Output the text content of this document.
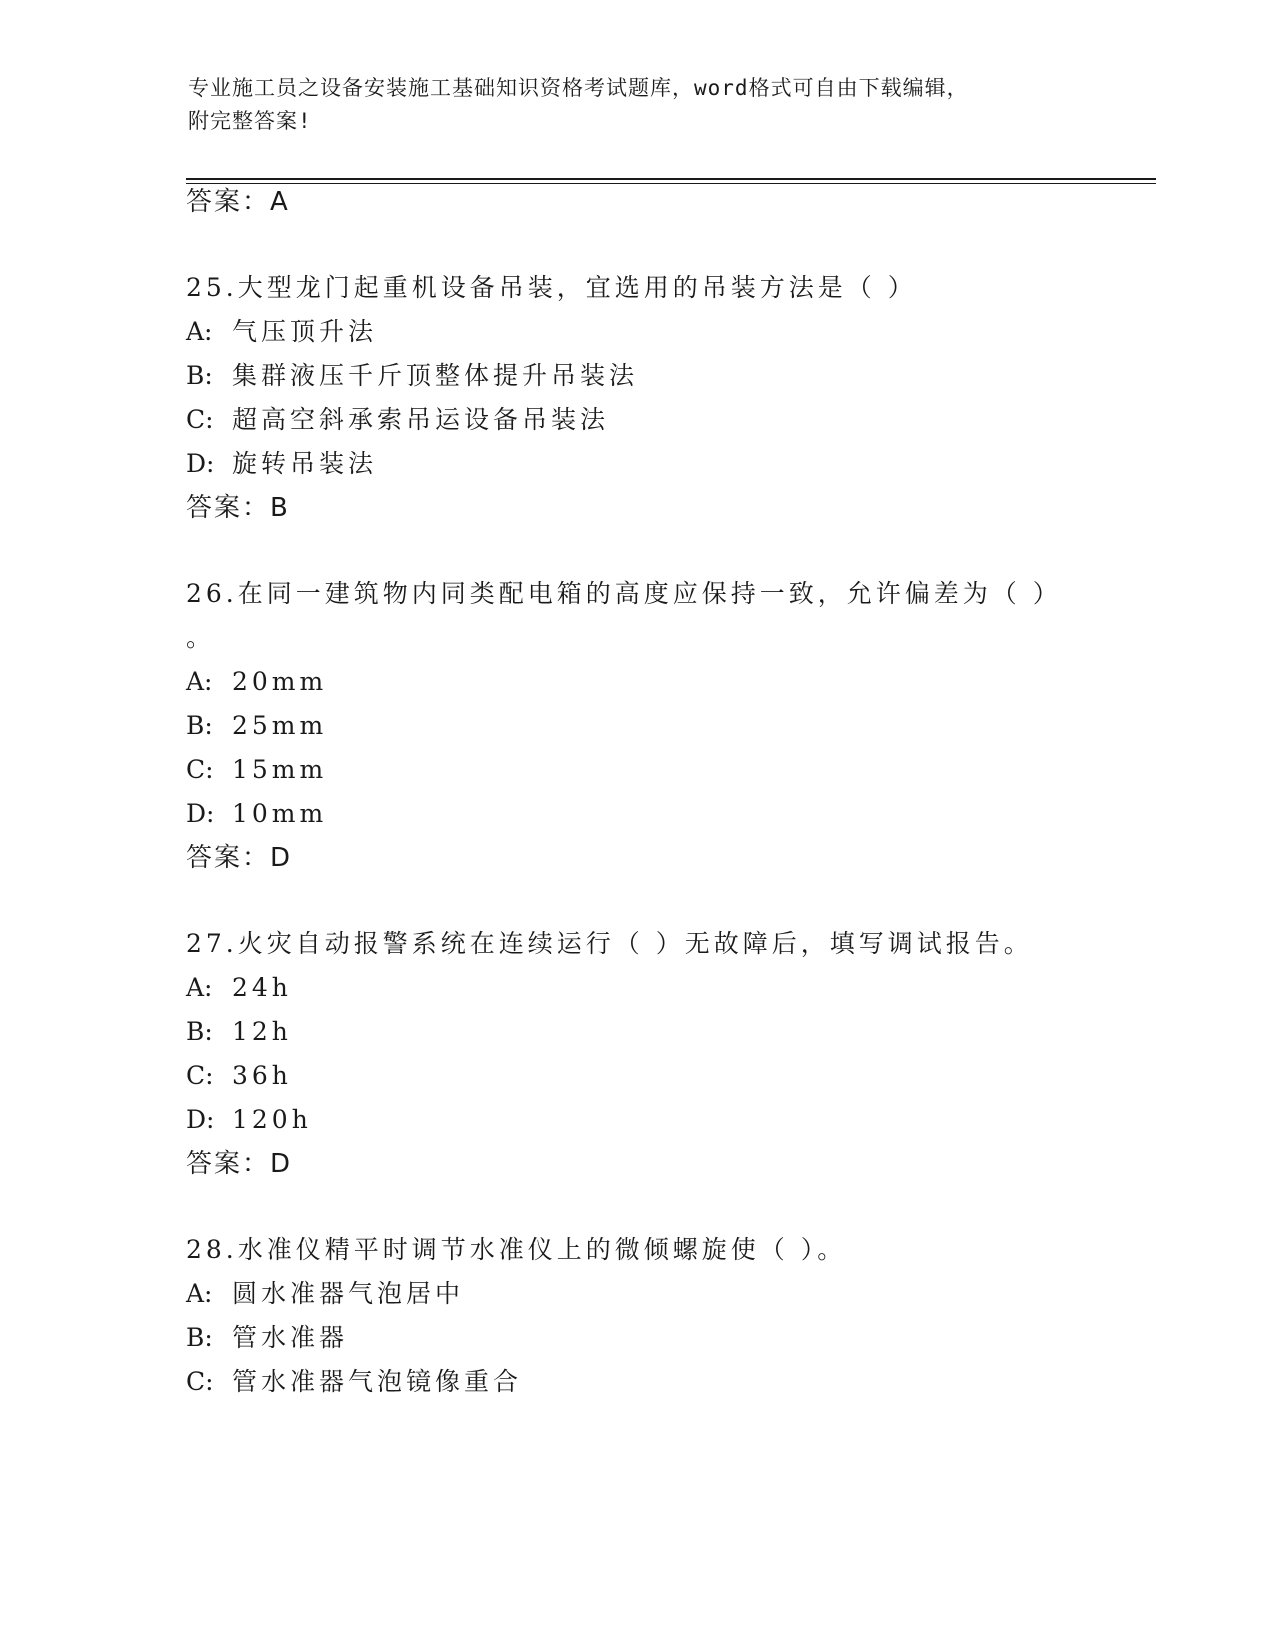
专业施工员之设备安装施工基础知识资格考试题库，word格式可自由下载编辑，
附完整答案!
答案：A
25.大型龙门起重机设备吊装，宜选用的吊装方法是（ ）
A: 气压顶升法
B: 集群液压千斤顶整体提升吊装法
C: 超高空斜承索吊运设备吊装法
D: 旋转吊装法
答案：B
26.在同一建筑物内同类配电箱的高度应保持一致，允许偏差为（ ）
。
A: 20mm
B: 25mm
C: 15mm
D: 10mm
答案：D
27.火灾自动报警系统在连续运行（ ）无故障后，填写调试报告。
A: 24h
B: 12h
C: 36h
D: 120h
答案：D
28.水准仪精平时调节水准仪上的微倾螺旋使（ ）。
A: 圆水准器气泡居中
B: 管水准器
C: 管水准器气泡镜像重合
